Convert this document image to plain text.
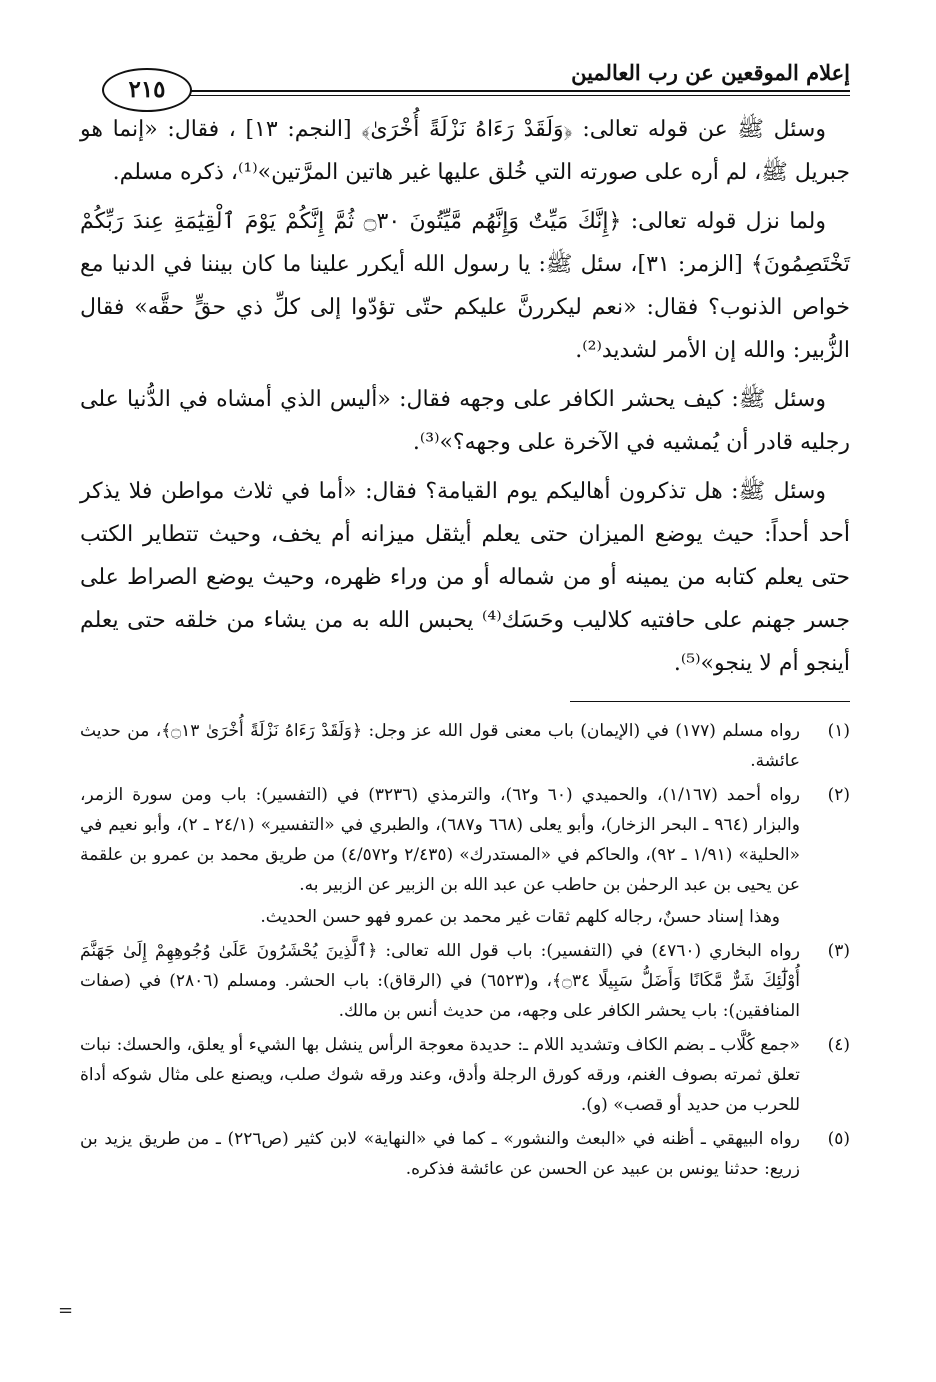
إعلام الموقعين عن رب العالمين
٢١٥

وسئل ﷺ عن قوله تعالى: ﴿وَلَقَدْ رَءَاهُ نَزْلَةً أُخْرَىٰ﴾ [النجم: ١٣] ، فقال: «إنما هو جبريل ﷺ، لم أره على صورته التي خُلق عليها غير هاتين المرَّتين»⁽¹⁾، ذكره مسلم.

ولما نزل قوله تعالى: ﴿إِنَّكَ مَيِّتٌ وَإِنَّهُم مَّيِّتُونَ ۝٣٠ ثُمَّ إِنَّكُمْ يَوْمَ ٱلْقِيَٰمَةِ عِندَ رَبِّكُمْ تَخْتَصِمُونَ﴾ [الزمر: ٣١]، سئل ﷺ: يا رسول الله أيكرر علينا ما كان بيننا في الدنيا مع خواص الذنوب؟ فقال: «نعم ليكررنَّ عليكم حتّى تؤدّوا إلى كلِّ ذي حقٍّ حقَّه» فقال الزُّبير: والله إن الأمر لشديد⁽²⁾.

وسئل ﷺ: كيف يحشر الكافر على وجهه فقال: «أليس الذي أمشاه في الدُّنيا على رجليه قادر أن يُمشيه في الآخرة على وجهه؟»⁽³⁾.

وسئل ﷺ: هل تذكرون أهاليكم يوم القيامة؟ فقال: «أما في ثلاث مواطن فلا يذكر أحد أحداً: حيث يوضع الميزان حتى يعلم أيثقل ميزانه أم يخف، وحيث تتطاير الكتب حتى يعلم كتابه من يمينه أو من شماله أو من وراء ظهره، وحيث يوضع الصراط على جسر جهنم على حافتيه كلاليب وحَسَك⁽⁴⁾ يحبس الله به من يشاء من خلقه حتى يعلم أينجو أم لا ينجو»⁽⁵⁾.

(١)
رواه مسلم (١٧٧) في (الإيمان) باب معنى قول الله عز وجل: ﴿وَلَقَدْ رَءَاهُ نَزْلَةً أُخْرَىٰ ۝١٣﴾، من حديث عائشة.
(٢)
رواه أحمد (١/١٦٧)، والحميدي (٦٠ و٦٢)، والترمذي (٣٢٣٦) في (التفسير): باب ومن سورة الزمر، والبزار (٩٦٤ ـ البحر الزخار)، وأبو يعلى (٦٦٨ و٦٨٧)، والطبري في «التفسير» (٢٤/١ ـ ٢)، وأبو نعيم في «الحلية» (١/٩١ ـ ٩٢)، والحاكم في «المستدرك» (٢/٤٣٥ و٤/٥٧٢) من طريق محمد بن عمرو بن علقمة عن يحيى بن عبد الرحمٰن بن حاطب عن عبد الله بن الزبير عن الزبير به.
وهذا إسناد حسنٌ، رجاله كلهم ثقات غير محمد بن عمرو فهو حسن الحديث.
(٣)
رواه البخاري (٤٧٦٠) في (التفسير): باب قول الله تعالى: ﴿ٱلَّذِينَ يُحْشَرُونَ عَلَىٰ وُجُوهِهِمْ إِلَىٰ جَهَنَّمَ أُوْلَٰٓئِكَ شَرٌّ مَّكَانًا وَأَضَلُّ سَبِيلًا ۝٣٤﴾، و(٦٥٢٣) في (الرقاق): باب الحشر. ومسلم (٢٨٠٦) في (صفات المنافقين): باب يحشر الكافر على وجهه، من حديث أنس بن مالك.
(٤)
«جمع كُلَّاب ـ بضم الكاف وتشديد اللام ـ: حديدة معوجة الرأس ينشل بها الشيء أو يعلق، والحسك: نبات تعلق ثمرته بصوف الغنم، ورقه كورق الرجلة وأدق، وعند ورقه شوك صلب، ويصنع على مثال شوكه أداة للحرب من حديد أو قصب» (و).
(٥)
رواه البيهقي ـ أظنه في «البعث والنشور» ـ كما في «النهاية» لابن كثير (ص٢٢٦) ـ من طريق يزيد بن زريع: حدثنا يونس بن عبيد عن الحسن عن عائشة فذكره.
=
